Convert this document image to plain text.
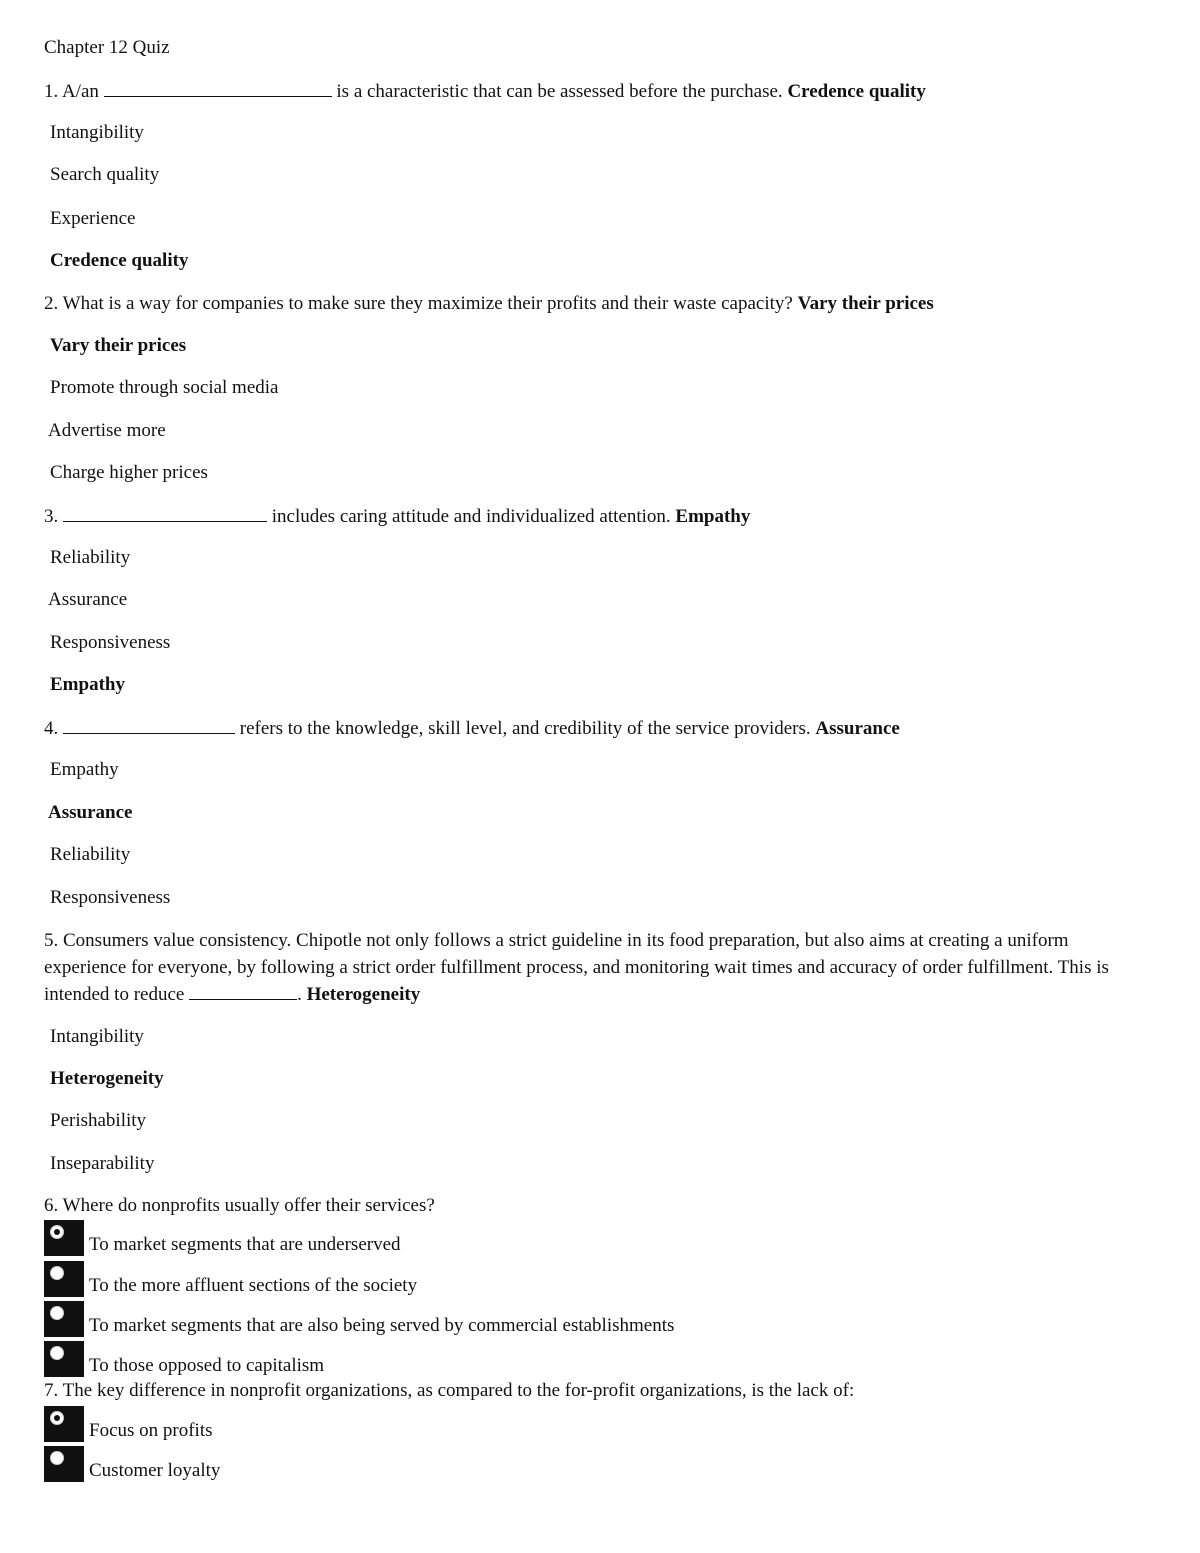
Chapter 12 Quiz
1. A/an	is a characteristic that can be assessed before the purchase. Credence quality
Intangibility
Search quality
Experience
Credence quality
2. What is a way for companies to make sure they maximize their profits and their waste capacity? Vary their prices
Vary their prices
Promote through social media
Advertise more
Charge higher prices
3.	includes caring attitude and individualized attention. Empathy
Reliability
Assurance
Responsiveness
Empathy
4.	refers to the knowledge, skill level, and credibility of the service providers. Assurance
Empathy
Assurance
Reliability
Responsiveness
5. Consumers value consistency. Chipotle not only follows a strict guideline in its food preparation, but also aims at creating a uniform experience for everyone, by following a strict order fulfillment process, and monitoring wait times and accuracy of order fulfillment. This is intended to reduce	. Heterogeneity
Intangibility
Heterogeneity
Perishability
Inseparability
6. Where do nonprofits usually offer their services?
To market segments that are underserved
To the more affluent sections of the society
To market segments that are also being served by commercial establishments
To those opposed to capitalism
7. The key difference in nonprofit organizations, as compared to the for-profit organizations, is the lack of:
Focus on profits
Customer loyalty
